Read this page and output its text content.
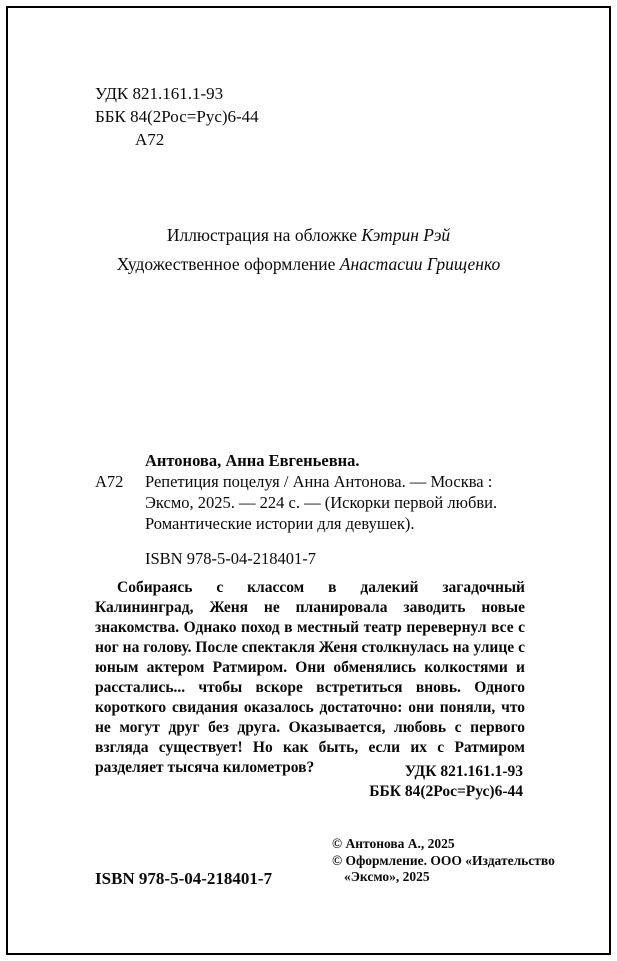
УДК 821.161.1-93
ББК 84(2Рос=Рус)6-44
А72
Иллюстрация на обложке Кэтрин Рэй
Художественное оформление Анастасии Грищенко
Антонова, Анна Евгеньевна.
А72 Репетиция поцелуя / Анна Антонова. — Москва : Эксмо, 2025. — 224 с. — (Искорки первой любви. Романтические истории для девушек).
ISBN 978-5-04-218401-7
Собираясь с классом в далекий загадочный Калининград, Женя не планировала заводить новые знакомства. Однако поход в местный театр перевернул все с ног на голову. После спектакля Женя столкнулась на улице с юным актером Ратмиром. Они обменялись колкостями и расстались... чтобы вскоре встретиться вновь. Одного короткого свидания оказалось достаточно: они поняли, что не могут друг без друга. Оказывается, любовь с первого взгляда существует! Но как быть, если их с Ратмиром разделяет тысяча километров?	УДК 821.161.1-93
ББК 84(2Рос=Рус)6-44
© Антонова А., 2025
© Оформление. ООО «Издательство «Эксмо», 2025
ISBN 978-5-04-218401-7
